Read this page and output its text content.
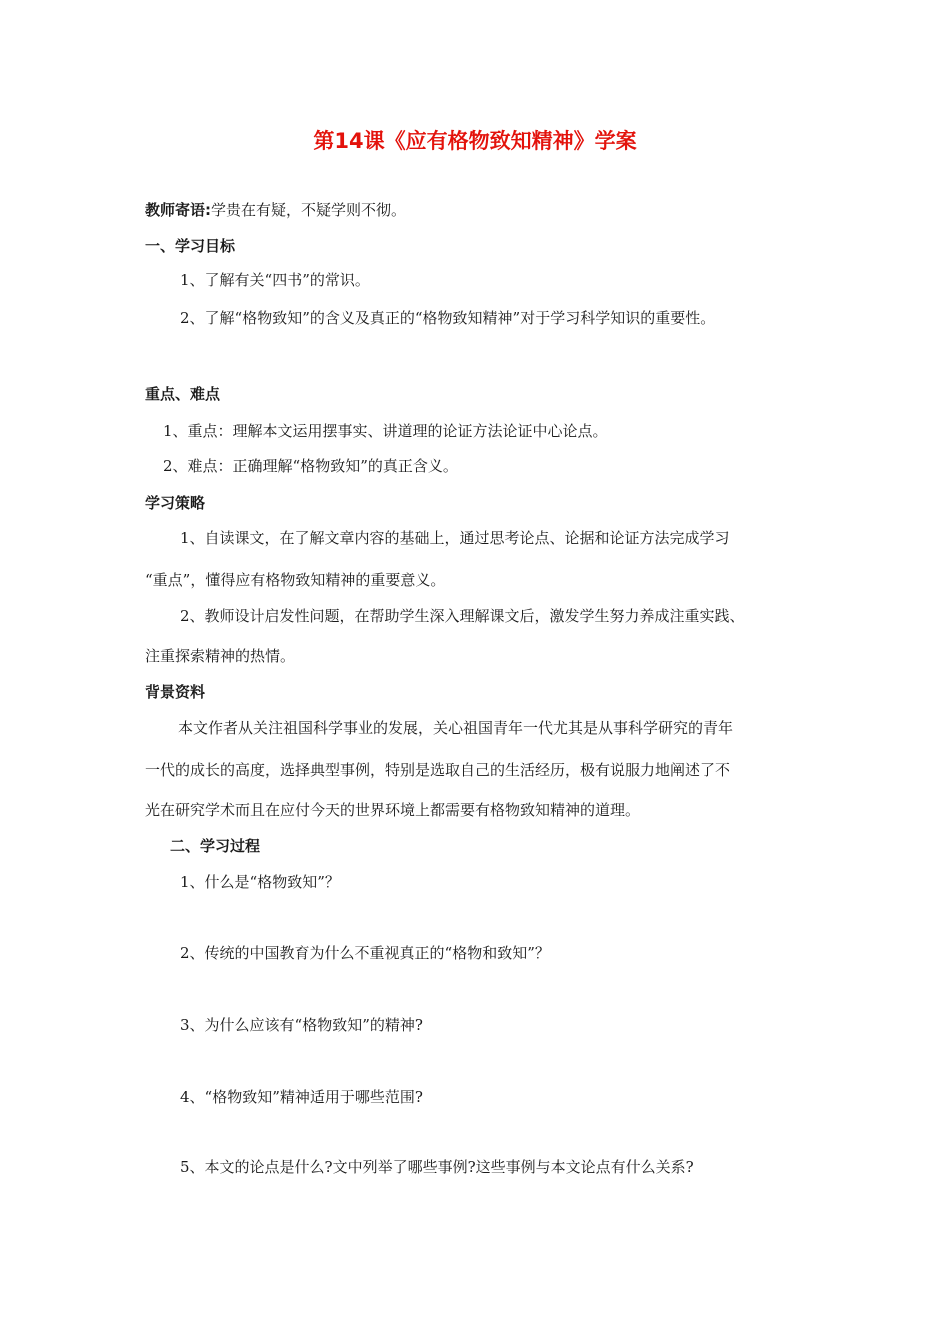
第14课《应有格物致知精神》学案
教师寄语:学贵在有疑，不疑学则不彻。
一、学习目标
1、了解有关“四书”的常识。
2、了解“格物致知”的含义及真正的“格物致知精神”对于学习科学知识的重要性。
重点、难点
1、重点：理解本文运用摆事实、讲道理的论证方法论证中心论点。
2、难点：正确理解“格物致知”的真正含义。
学习策略
1、自读课文，在了解文章内容的基础上，通过思考论点、论据和论证方法完成学习
“重点”，懂得应有格物致知精神的重要意义。
2、教师设计启发性问题，在帮助学生深入理解课文后，激发学生努力养成注重实践、
注重探索精神的热情。
背景资料
本文作者从关注祖国科学事业的发展，关心祖国青年一代尤其是从事科学研究的青年
一代的成长的高度，选择典型事例，特别是选取自己的生活经历，极有说服力地阐述了不
光在研究学术而且在应付今天的世界环境上都需要有格物致知精神的道理。
二、学习过程
1、什么是“格物致知”？
2、传统的中国教育为什么不重视真正的“格物和致知”？
3、为什么应该有“格物致知”的精神?
4、“格物致知”精神适用于哪些范围?
5、本文的论点是什么?文中列举了哪些事例?这些事例与本文论点有什么关系?
